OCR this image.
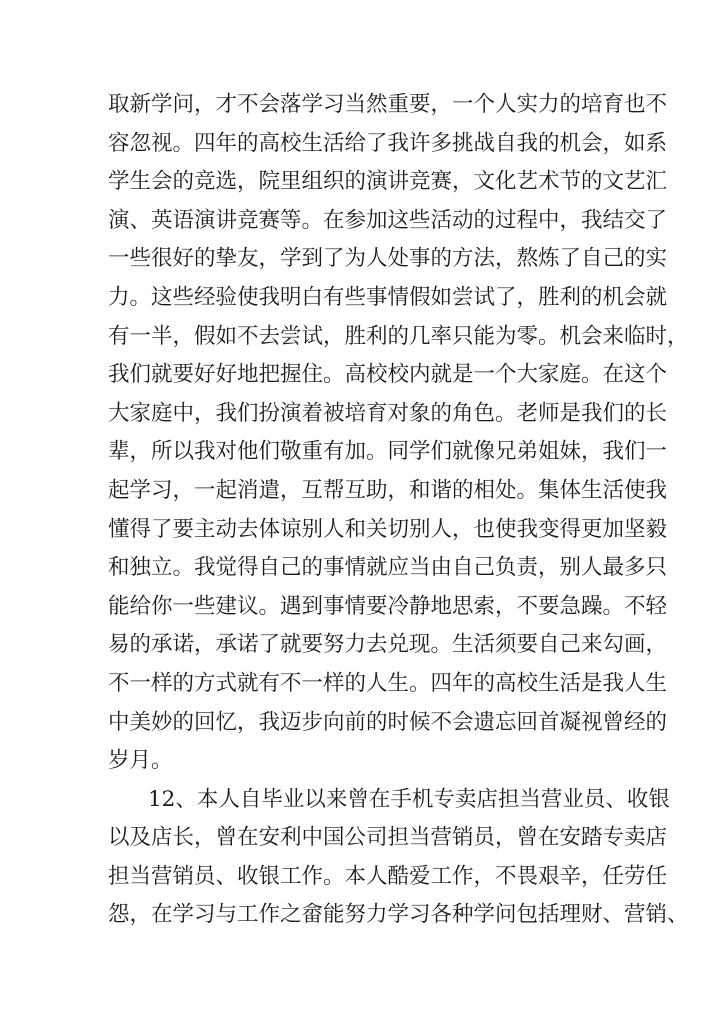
取新学问，才不会落学习当然重要，一个人实力的培育也不
容忽视。四年的高校生活给了我许多挑战自我的机会，如系
学生会的竞选，院里组织的演讲竞赛，文化艺术节的文艺汇
演、英语演讲竞赛等。在参加这些活动的过程中，我结交了
一些很好的挚友，学到了为人处事的方法，熬炼了自己的实
力。这些经验使我明白有些事情假如尝试了，胜利的机会就
有一半，假如不去尝试，胜利的几率只能为零。机会来临时，
我们就要好好地把握住。高校校内就是一个大家庭。在这个
大家庭中，我们扮演着被培育对象的角色。老师是我们的长
辈，所以我对他们敬重有加。同学们就像兄弟姐妹，我们一
起学习，一起消遣，互帮互助，和谐的相处。集体生活使我
懂得了要主动去体谅别人和关切别人，也使我变得更加坚毅
和独立。我觉得自己的事情就应当由自己负责，别人最多只
能给你一些建议。遇到事情要冷静地思索，不要急躁。不轻
易的承诺，承诺了就要努力去兑现。生活须要自己来勾画，
不一样的方式就有不一样的人生。四年的高校生活是我人生
中美妙的回忆，我迈步向前的时候不会遗忘回首凝视曾经的
岁月。
12、本人自毕业以来曾在手机专卖店担当营业员、收银
以及店长，曾在安利中国公司担当营销员，曾在安踏专卖店
担当营销员、收银工作。本人酷爱工作，不畏艰辛，任劳任
怨，在学习与工作之畲能努力学习各种学问包括理财、营销、
